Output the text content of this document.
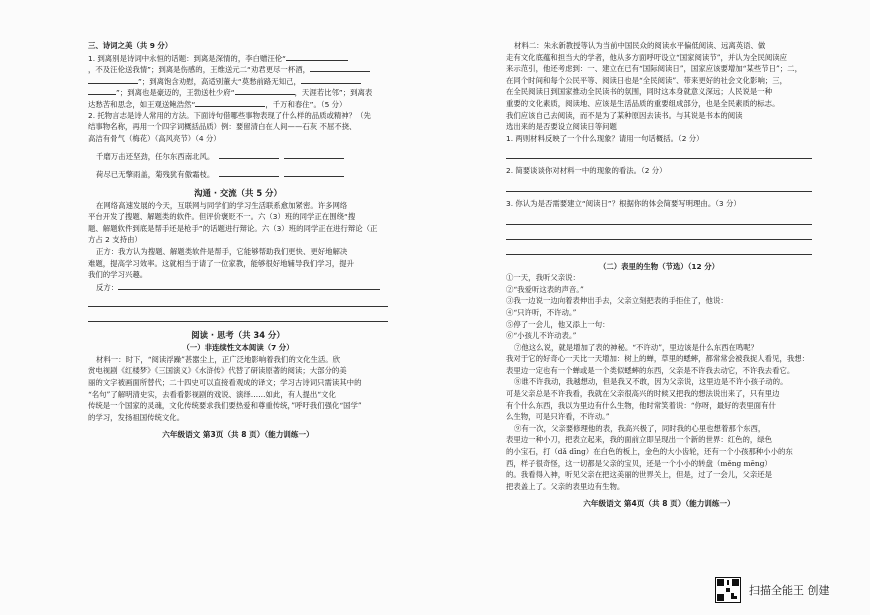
三、诗词之美（共 9 分）
1. 到离别是诗词中永恒的话题：到离是深情的，李白赠汪伦“
，不及汪伦送我情”；到离是伤感的，王维送元二“劝君更尽一杯酒，
”；到离饱含劝慰，高适别董大“莫愁前路无知己，
”；到离也是豪迈的，王勃送杜少府“	，天涯若比邻”；到离表
达愁苦和思念，如王观送鲍浩然“	，千万和春住”。（5 分）
2. 托物言志是诗人常用的方法。下面诗句借哪些事物表现了什么样的品质或精神？（先
结事物名称，再用一个四字词概括品质）例：要留清白在人间——石灰 不屈不挠、
高洁有骨气（梅花）（高风亮节）（4 分）
千磨万击还坚劲，任尔东西南北风。
荷尽已无擎雨盖，菊残犹有傲霜枝。
沟通 · 交流（共 5 分）
在网络高速发展的今天，互联网与同学们的学习生活联系愈加紧密。许多网络
平台开发了搜题、解题类的软件。但评价褒贬不一。六（3）班的同学正在围绕“搜
题、解题软件到底是帮手还是枪手”的话题进行辩论。六（3）班的同学正在进行辩论（正
方占 2 支持由）
正方：我方认为搜题、解题类软件是帮手，它能够帮助我们更快、更好地解决
难题，提高学习效率。这就相当于请了一位家教，能够很好地辅导我们学习，提升
我们的学习兴趣。
反方：
阅读 · 思考（共 34 分）
（一）非连续性文本阅读（7 分）
材料一：时下，“阅读浮躁”甚嚣尘上，正广泛地影响着我们的文化生活。欣
赏电视剧《红楼梦》《三国演义》《水浒传》代替了研读原著的阅读；大部分的美
丽的文字被画面所替代；二十四史可以直接看观成的译文；学习古诗词只需读其中的
“名句”了解明清史实，去看看影视剧的戏说、演绎……如此，有人提出“文化
传统是一个国家的灵魂，文化传统要求我们要热爱和尊重传统，”呼吁我们强化“国学”
的学习，发扬祖国传统文化。
六年级语文 第3页（共 8 页）（能力训练一）
材料二：朱永新教授等认为当前中国民众的阅读水平偏低阅读、远离英语、做
走有文化底蕴和担当大的学者，他从多方面呼吁设立“国家阅读节”，并认为全民阅读应
来示范引，他还考虑到：一、建立在已有“国际阅读日”，国家应该要增加“某些节日”；二，
在同个时间和每个公民平等、阅读日也是“全民阅读”、带来更好的社会文化影响；三，
在全民阅读日到国家推动全民读书的氛围，同时这本身就意义深远；人民说是一种
重要的文化素质，阅读地、应该是生活品质的重要组成部分，也是全民素质的标志。
我们应该自己去阅读，而不是为了某种原因去读书。与其说是书本的阅读
选出来的是否要设立阅读日等问题
1. 两则材料反映了一个什么现象？请用一句话概括。（2 分）
2. 简要谈谈你对材料一中的现象的看法。（2 分）
3. 你认为是否需要建立“阅读日”？根据你的体会简要写明理由。（3 分）
（二）表里的生物（节选）（12 分）
①一天，我听父亲说：
②“我爱听这表的声音。”
③我一边说一边向着表伸出手去，父亲立刻把表的手拒住了，他说：
④“只许听，不许动。”
⑤停了一会儿，他又添上一句：
⑥“小孩儿不许动表。”
⑦他这么说，就是增加了表的神秘。“不许动”，里边该是什么东西在鸣呢？
我对于它的好奇心一天比一天增加：树上的蝉，草里的蟋蟀，都常常会被我捉人看见，我想：
表里边一定也有一个蝉或是一个类似蟋蟀的东西，父亲是不许我去动它，不许我去看它。
⑧谁不许我动，我越想动，但是我又不敢，因为父亲说，这里边是不许小孩子动的。
可是父亲总是不许我看，我就在父亲很高兴的时候又把我的想法说出来了，只有里边
有个什么东西，我以为里边有什么生物，他时常笑着说：“你呀，最好的表里面有什
么生物，可是只许看，不许动。”
⑨有一次，父亲要修理他的表，我高兴极了，同时我的心里也想着那个东西，
表里边一种小刀，把表立起来，我的面前立即呈现出一个新的世界：红色的，绿色
的小宝石，打（dǎ dīng）在白色的板上，金色的大小齿轮，还有一个小孩那种小小的东
西，样子很奇怪，这一切都是父亲的宝贝，还是一个小小的转盘（měng mēng）
的。我看得入神，听见父亲在把这美丽的世界关上，但是，过了一会儿，父亲还是
把表盖上了。父亲的表里边有生物。
六年级语文 第4页（共 8 页）（能力训练一）
扫描全能王 创建
